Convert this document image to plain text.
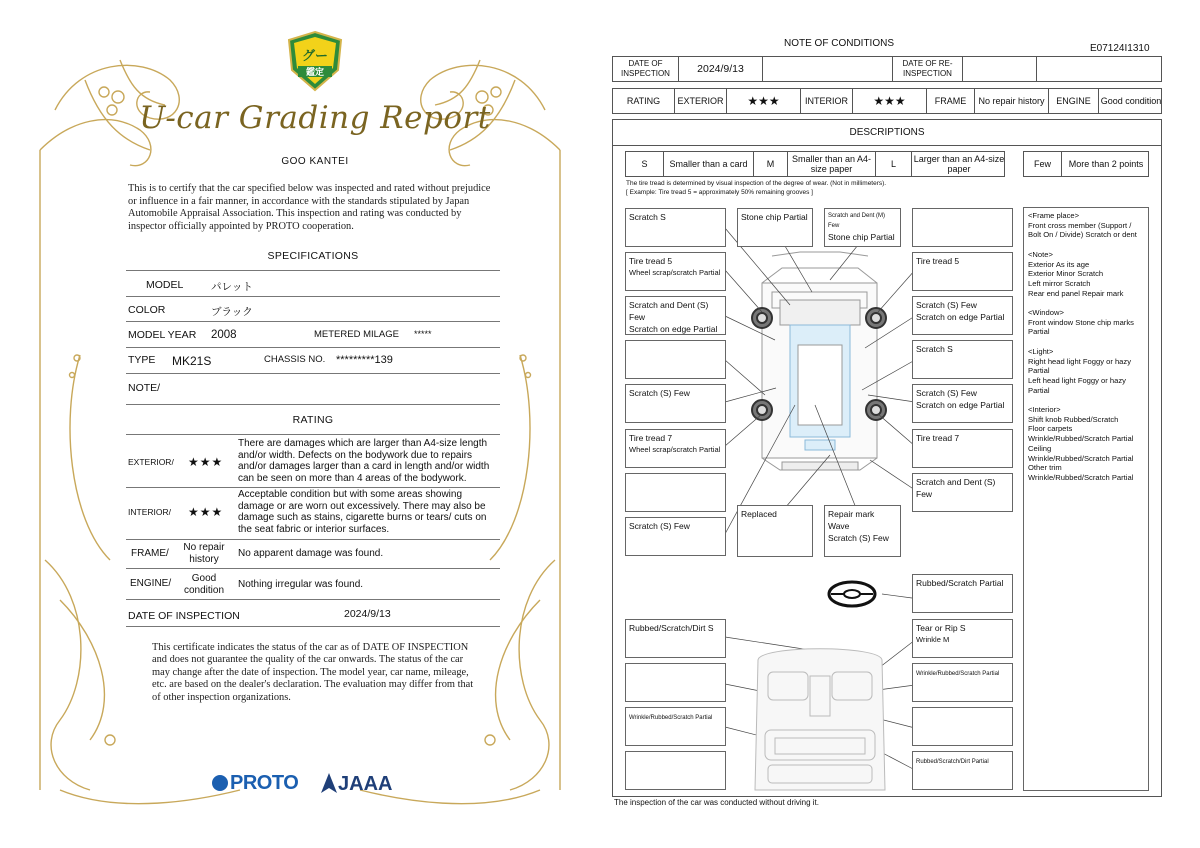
グー
鑑定
U-car Grading Report
GOO KANTEI
This is to certify that the car specified below was inspected and rated without prejudice or influence in a fair manner, in accordance with the standards stipulated by Japan Automobile Appraisal Association. This inspection and rating was conducted by inspector officially appointed by PROTO cooperation.
SPECIFICATIONS
MODEL	パレット
COLOR	ブラック
MODEL YEAR 2008	METERED MILAGE *****
TYPE MK21S	CHASSIS NO. *********139
NOTE/
RATING
EXTERIOR/ ★★★
There are damages which are larger than A4-size length and/or width. Defects on the bodywork due to repairs and/or damages larger than a card in length and/or width can be seen on more than 4 areas of the bodywork.
INTERIOR/ ★★★
Acceptable condition but with some areas showing damage or are worn out excessively. There may also be damage such as stains, cigarette burns or tears/ cuts on the seat fabric or interior surfaces.
FRAME/
No repair history	No apparent damage was found.
ENGINE/	Good condition	Nothing irregular was found.
DATE OF INSPECTION	2024/9/13
This certificate indicates the status of the car as of DATE OF INSPECTION and does not guarantee the quality of the car onwards. The status of the car may change after the date of inspection. The model year, car name, mileage, etc. are based on the dealer's declaration. The evaluation may differ from that of other inspection organizations.
PROTO	JAAA
NOTE OF CONDITIONS	E07124I1310
DATE OF INSPECTION	2024/9/13	DATE OF RE-INSPECTION
RATING	EXTERIOR	★★★	INTERIOR	★★★	FRAME	No repair history	ENGINE	Good condition
DESCRIPTIONS
S	Smaller than a card	M	Smaller than an A4-size paper	L	Larger than an A4-size paper	Few	More than 2 points
The tire tread is determined by visual inspection of the degree of wear. (Not in millimeters).
[ Example: Tire tread 5 = approximately 50% remaining grooves ]
Scratch S	Stone chip Partial	Scratch and Dent (M) Few
Stone chip Partial
Tire tread 5
Wheel scrap/scratch Partial
Tire tread 5
Scratch and Dent (S) Few
Scratch on edge Partial
Scratch (S) Few
Scratch on edge Partial
Scratch S
Scratch (S) Few	Scratch (S) Few
Scratch on edge Partial
Tire tread 7
Wheel scrap/scratch Partial
Tire tread 7
Scratch and Dent (S) Few
Scratch (S) Few
Replaced	Repair mark Wave
Scratch (S) Few
Rubbed/Scratch Partial
Rubbed/Scratch/Dirt S	Tear or Rip S
Wrinkle M
Wrinkle/Rubbed/Scratch Partial
Wrinkle/Rubbed/Scratch Partial
Rubbed/Scratch/Dirt Partial
<Frame place>
Front cross member (Support / Bolt On / Divide) Scratch or dent

<Note>
Exterior As its age
Exterior Minor Scratch
Left mirror Scratch
Rear end panel Repair mark

<Window>
Front window Stone chip marks Partial

<Light>
Right head light Foggy or hazy Partial
Left head light Foggy or hazy Partial

<Interior>
Shift knob Rubbed/Scratch
Floor carpets
Wrinkle/Rubbed/Scratch Partial
Ceiling
Wrinkle/Rubbed/Scratch Partial
Other trim
Wrinkle/Rubbed/Scratch Partial
The inspection of the car was conducted without driving it.
